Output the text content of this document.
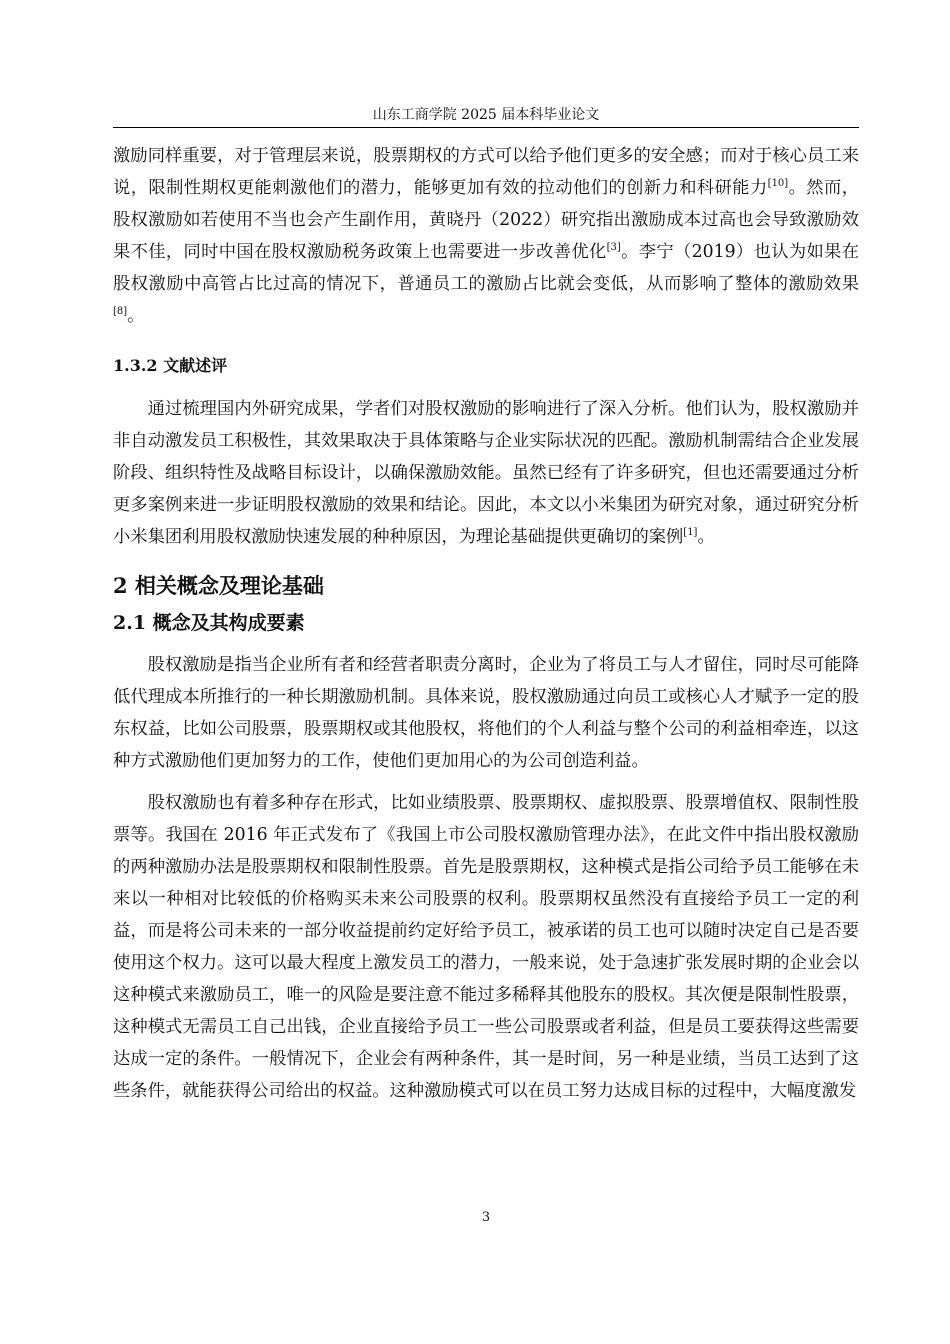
山东工商学院 2025 届本科毕业论文

激励同样重要，对于管理层来说，股票期权的方式可以给予他们更多的安全感；而对于核心员工来说，限制性期权更能刺激他们的潜力，能够更加有效的拉动他们的创新力和科研能力[10]。然而，股权激励如若使用不当也会产生副作用，黄晓丹（2022）研究指出激励成本过高也会导致激励效果不佳，同时中国在股权激励税务政策上也需要进一步改善优化[3]。李宁（2019）也认为如果在股权激励中高管占比过高的情况下，普通员工的激励占比就会变低，从而影响了整体的激励效果[8]。

1.3.2 文献述评

通过梳理国内外研究成果，学者们对股权激励的影响进行了深入分析。他们认为，股权激励并非自动激发员工积极性，其效果取决于具体策略与企业实际状况的匹配。激励机制需结合企业发展阶段、组织特性及战略目标设计，以确保激励效能。虽然已经有了许多研究，但也还需要通过分析更多案例来进一步证明股权激励的效果和结论。因此，本文以小米集团为研究对象，通过研究分析小米集团利用股权激励快速发展的种种原因，为理论基础提供更确切的案例[1]。

2 相关概念及理论基础
2.1 概念及其构成要素

股权激励是指当企业所有者和经营者职责分离时，企业为了将员工与人才留住，同时尽可能降低代理成本所推行的一种长期激励机制。具体来说，股权激励通过向员工或核心人才赋予一定的股东权益，比如公司股票，股票期权或其他股权，将他们的个人利益与整个公司的利益相牵连，以这种方式激励他们更加努力的工作，使他们更加用心的为公司创造利益。

股权激励也有着多种存在形式，比如业绩股票、股票期权、虚拟股票、股票增值权、限制性股票等。我国在 2016 年正式发布了《我国上市公司股权激励管理办法》，在此文件中指出股权激励的两种激励办法是股票期权和限制性股票。首先是股票期权，这种模式是指公司给予员工能够在未来以一种相对比较低的价格购买未来公司股票的权利。股票期权虽然没有直接给予员工一定的利益，而是将公司未来的一部分收益提前约定好给予员工，被承诺的员工也可以随时决定自己是否要使用这个权力。这可以最大程度上激发员工的潜力，一般来说，处于急速扩张发展时期的企业会以这种模式来激励员工，唯一的风险是要注意不能过多稀释其他股东的股权。其次便是限制性股票，这种模式无需员工自己出钱，企业直接给予员工一些公司股票或者利益，但是员工要获得这些需要达成一定的条件。一般情况下，企业会有两种条件，其一是时间，另一种是业绩，当员工达到了这些条件，就能获得公司给出的权益。这种激励模式可以在员工努力达成目标的过程中，大幅度激发

3
